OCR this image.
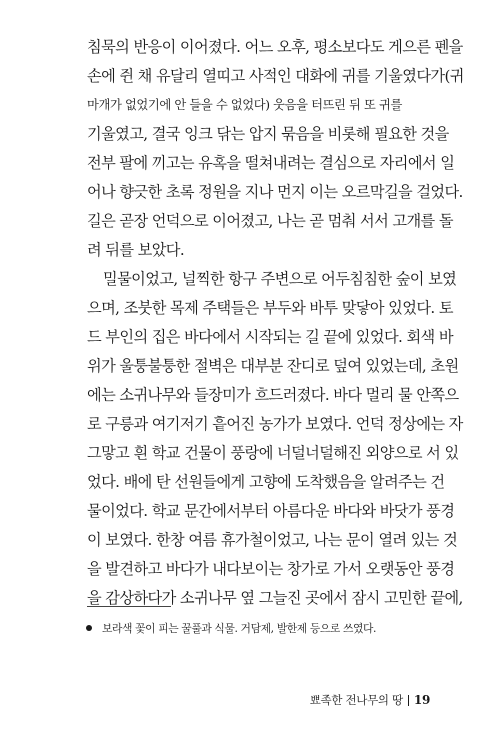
침묵의 반응이 이어졌다. 어느 오후, 평소보다도 게으른 펜을
손에 쥔 채 유달리 열띠고 사적인 대화에 귀를 기울였다가(귀
마개가 없었기에 안 들을 수 없었다) 웃음을 터뜨린 뒤 또 귀를
기울였고, 결국 잉크 닦는 압지 묶음을 비롯해 필요한 것을
전부 팔에 끼고는 유혹을 떨쳐내려는 결심으로 자리에서 일
어나 향긋한 초록 정원을 지나 먼지 이는 오르막길을 걸었다.
길은 곧장 언덕으로 이어졌고, 나는 곧 멈춰 서서 고개를 돌
려 뒤를 보았다.
밀물이었고, 널찍한 항구 주변으로 어두침침한 숲이 보였
으며, 조붓한 목제 주택들은 부두와 바투 맞닿아 있었다. 토
드 부인의 집은 바다에서 시작되는 길 끝에 있었다. 회색 바
위가 울퉁불퉁한 절벽은 대부분 잔디로 덮여 있었는데, 초원
에는 소귀나무와 들장미가 흐드러졌다. 바다 멀리 물 안쪽으
로 구릉과 여기저기 흩어진 농가가 보였다. 언덕 정상에는 자
그맣고 흰 학교 건물이 풍랑에 너덜너덜해진 외양으로 서 있
었다. 배에 탄 선원들에게 고향에 도착했음을 알려주는 건
물이었다. 학교 문간에서부터 아름다운 바다와 바닷가 풍경
이 보였다. 한창 여름 휴가철이었고, 나는 문이 열려 있는 것
을 발견하고 바다가 내다보이는 창가로 가서 오랫동안 풍경
을 감상하다가 소귀나무 옆 그늘진 곳에서 잠시 고민한 끝에,
보라색 꽃이 피는 꿀풀과 식물. 거담제, 발한제 등으로 쓰였다.
뾰족한 전나무의 땅 19
